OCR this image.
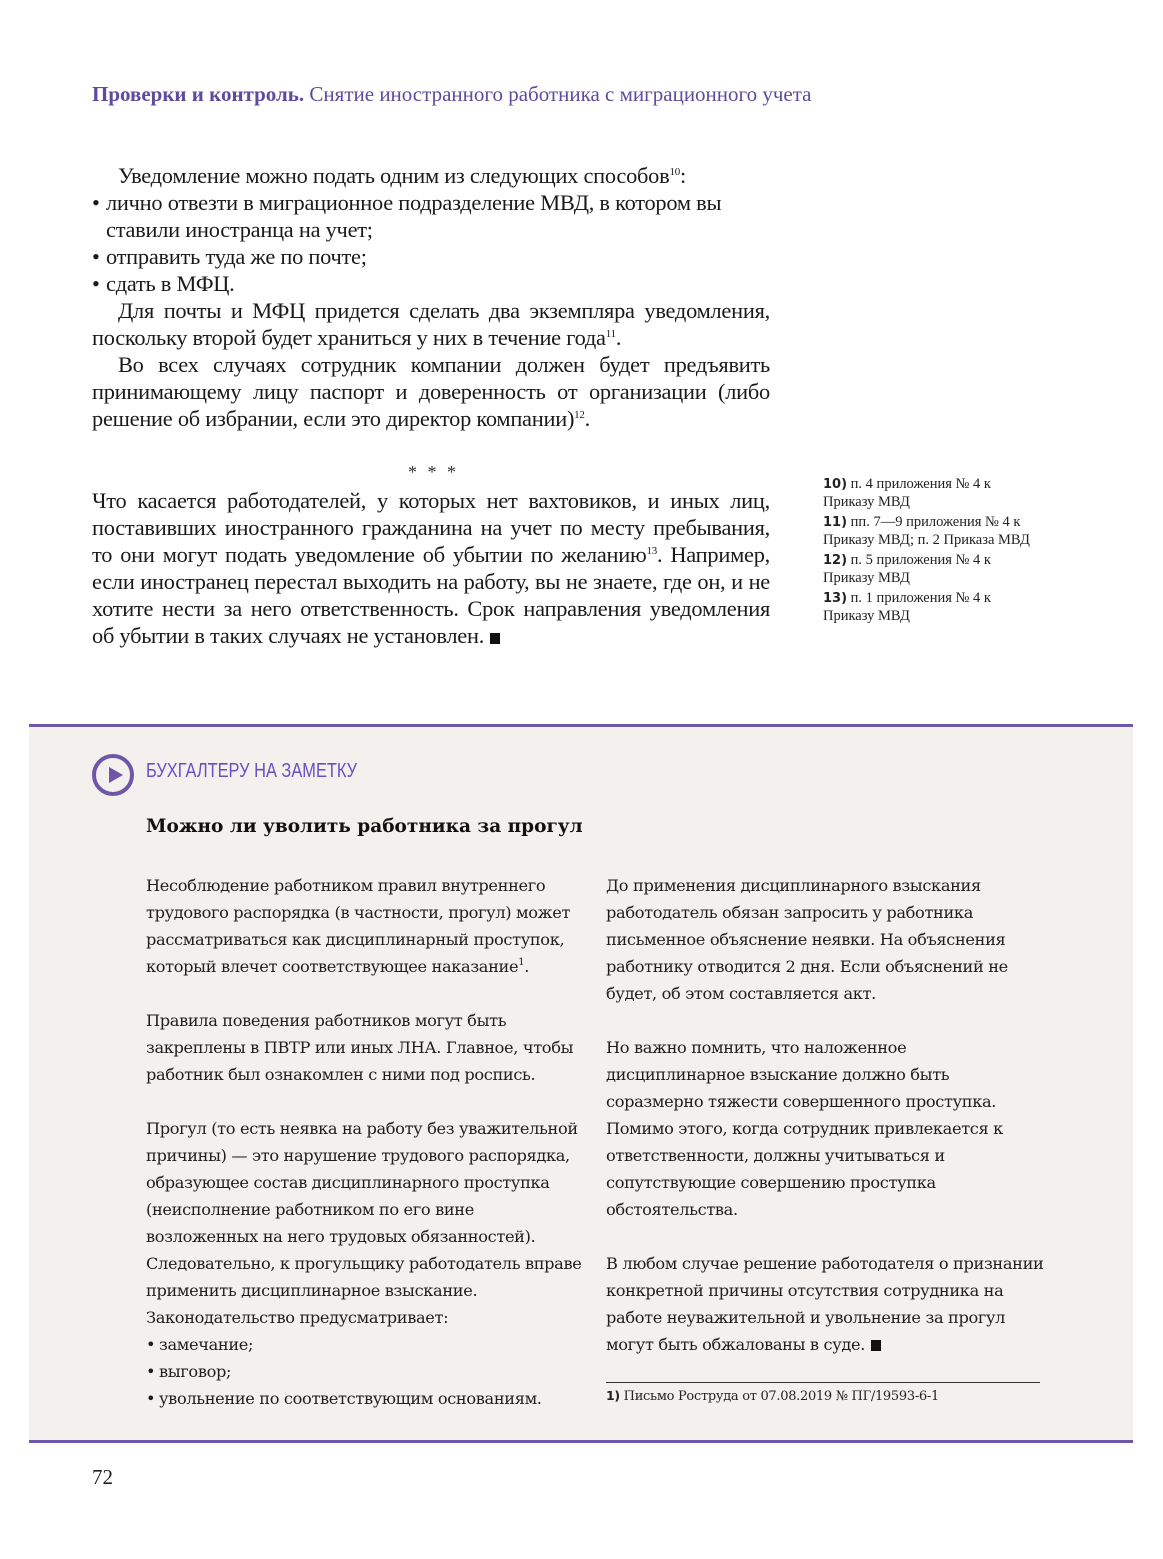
Проверки и контроль. Снятие иностранного работника с миграционного учета

Уведомление можно подать одним из следующих способов$^{10}$:

• лично отвезти в миграционное подразделение МВД, в котором вы ставили иностранца на учет;
• отправить туда же по почте;
• сдать в МФЦ.

Для почты и МФЦ придется сделать два экземпляра уведомления, поскольку второй будет храниться у них в течение года$^{11}$.

Во всех случаях сотрудник компании должен будет предъявить принимающему лицу паспорт и доверенность от организации (либо решение об избрании, если это директор компании)$^{12}$.

* * *

Что касается работодателей, у которых нет вахтовиков, и иных лиц, поставивших иностранного гражданина на учет по месту пребывания, то они могут подать уведомление об убытии по желанию$^{13}$. Например, если иностранец перестал выходить на работу, вы не знаете, где он, и не хотите нести за него ответственность. Срок направления уведомления об убытии в таких случаях не установлен.

10) п. 4 приложения № 4 к Приказу МВД
11) пп. 7—9 приложения № 4 к Приказу МВД; п. 2 Приказа МВД
12) п. 5 приложения № 4 к Приказу МВД
13) п. 1 приложения № 4 к Приказу МВД
БУХГАЛТЕРУ НА ЗАМЕТКУ
Можно ли уволить работника за прогул

Несоблюдение работником правил внутреннего трудового распорядка (в частности, прогул) может рассматриваться как дисциплинарный проступок, который влечет соответствующее наказание$^1$.

Правила поведения работников могут быть закреплены в ПВТР или иных ЛНА. Главное, чтобы работник был ознакомлен с ними под роспись.

Прогул (то есть неявка на работу без уважительной причины) — это нарушение трудового распорядка, образующее состав дисциплинарного проступка (неисполнение работником по его вине возложенных на него трудовых обязанностей). Следовательно, к прогульщику работодатель вправе применить дисциплинарное взыскание. Законодательство предусматривает:

• замечание;
• выговор;
• увольнение по соответствующим основаниям.

До применения дисциплинарного взыскания работодатель обязан запросить у работника письменное объяснение неявки. На объяснения работнику отводится 2 дня. Если объяснений не будет, об этом составляется акт.

Но важно помнить, что наложенное дисциплинарное взыскание должно быть соразмерно тяжести совершенного проступка. Помимо этого, когда сотрудник привлекается к ответственности, должны учитываться и сопутствующие совершению проступка обстоятельства.

В любом случае решение работодателя о признании конкретной причины отсутствия сотрудника на работе неуважительной и увольнение за прогул могут быть обжалованы в суде.

1) Письмо Роструда от 07.08.2019 № ПГ/19593-6-1
72
